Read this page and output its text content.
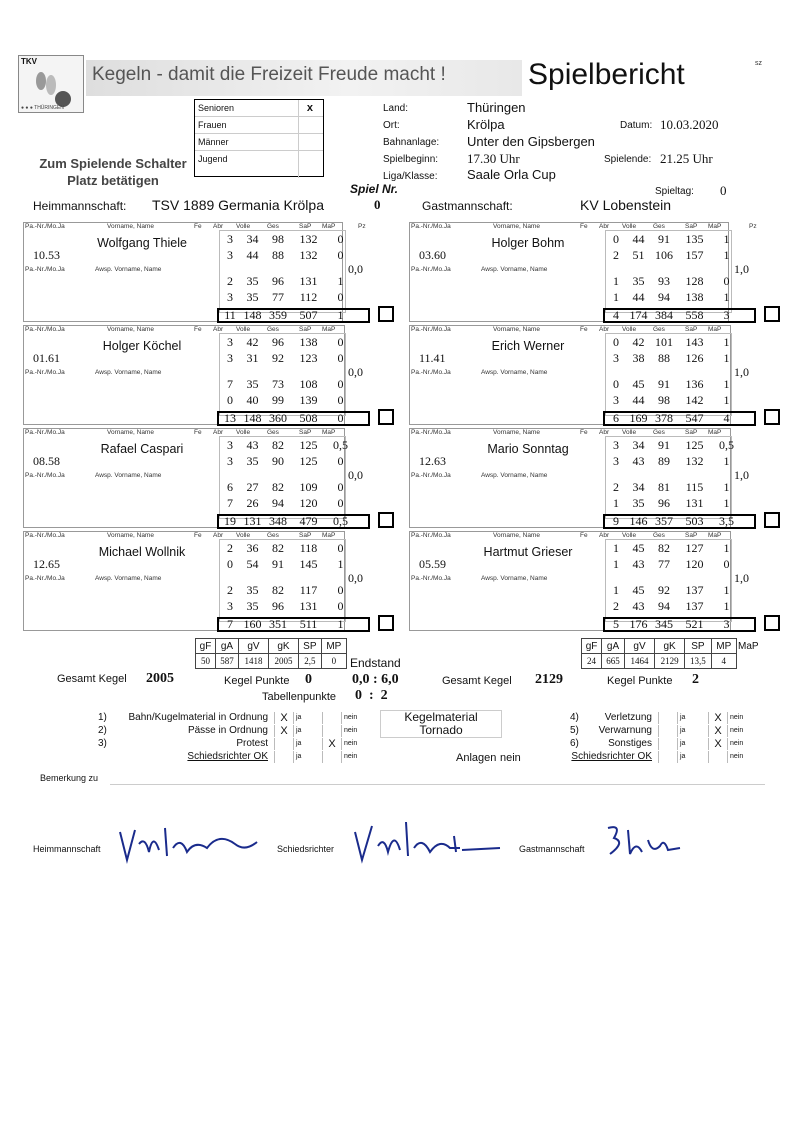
TKV
● ● ● THÜRINGEN
Kegeln - damit die Freizeit Freude macht !	Spielbericht	sz
Senioren	x
Frauen
Männer
Jugend
Zum Spielende Schalter
Platz betätigen
Land:	Thüringen
Ort:	Krölpa	Datum: 10.03.2020
Bahnanlage: Unter den Gipsbergen
Spielbeginn: 17.30 Uhr	Spielende: 21.25 Uhr
Liga/Klasse: Saale Orla Cup
Spieltag: 0
Spiel Nr.
0
Heimmannschaft: TSV 1889 Germania Krölpa	Gastmannschaft:	KV Lobenstein
Pa.-Nr./Mo.Ja	Vorname, Name	Fe Abr Volle	Ges	SaP MaP	Pz
Pa.-Nr./Mo.Ja	Awsp. Vorname, Name
10.53
Wolfgang Thiele	3	34	98	132	0
3	44	88	132	0
2	35	96	131	1
3	35	77	112	0
0,0
11 148 359	507	1
Pa.-Nr./Mo.Ja	Vorname, Name	Fe Abr Volle	Ges	SaP MaP
Pa.-Nr./Mo.Ja	Awsp. Vorname, Name
01.61
Holger Köchel	3	42	96	138	0
3	31	92	123	0
7	35	73	108	0
0	40	99	139	0
0,0
13 148 360	508	0
Pa.-Nr./Mo.Ja	Vorname, Name	Fe Abr Volle	Ges	SaP MaP
Pa.-Nr./Mo.Ja	Awsp. Vorname, Name
08.58
Rafael Caspari	3	43	82	125	0,5
3	35	90	125	0
6	27	82	109	0
7	26	94	120	0
0,0
19 131 348	479	0,5
Pa.-Nr./Mo.Ja	Vorname, Name	Fe Abr Volle	Ges	SaP MaP
Pa.-Nr./Mo.Ja	Awsp. Vorname, Name
12.65
Michael Wollnik	2	36	82	118	0
0	54	91	145	1
2	35	82	117	0
3	35	96	131	0
0,0
7 160 351	511	1
Pa.-Nr./Mo.Ja	Vorname, Name	Fe Abr Volle	Ges	SaP MaP	Pz
Pa.-Nr./Mo.Ja	Awsp. Vorname, Name
03.60
Holger Bohm	0	44	91	135	1
2	51 106	157	1
1	35	93	128	0
1	44	94	138	1
1,0
4 174 384	558	3
Pa.-Nr./Mo.Ja	Vorname, Name	Fe Abr Volle	Ges	SaP MaP
Pa.-Nr./Mo.Ja	Awsp. Vorname, Name
11.41
Erich Werner	0	42 101	143	1
3	38	88	126	1
0	45	91	136	1
3	44	98	142	1
1,0
6 169 378	547	4
Pa.-Nr./Mo.Ja	Vorname, Name	Fe Abr Volle	Ges	SaP MaP
Pa.-Nr./Mo.Ja	Awsp. Vorname, Name
12.63
Mario Sonntag	3	34	91	125	0,5
3	43	89	132	1
2	34	81	115	1
1	35	96	131	1
1,0
9 146 357	503	3,5
Pa.-Nr./Mo.Ja	Vorname, Name	Fe Abr Volle	Ges	SaP MaP
Pa.-Nr./Mo.Ja	Awsp. Vorname, Name
05.59
Hartmut Grieser	1	45	82	127	1
1	43	77	120	0
1	45	92	137	1
2	43	94	137	1
1,0
5 176 345	521	3
gF	gA	gV	gK	SP	MP
50	587	1418	2005	2,5	0 Endstand
gF	gA	gV	gK	SP	MP
24	665	1464	2129	13,5	4
MaP
Gesamt Kegel 2005	Kegel Punkte 0	0,0 : 6,0	Gesamt Kegel 2129	Kegel Punkte 2
Tabellenpunkte 0  :  2
1) Bahn/Kugelmaterial in Ordnung	X	ja	nein
2)	Pässe in Ordnung	X	ja	nein
3)	Protest	ja	X	nein
Schiedsrichter OK	ja	nein
4)	Verletzung	ja	X	nein
5) Verwarnung	ja	X	nein
6)	Sonstiges	ja	X	nein
Schiedsrichter OK	ja	nein
Kegelmaterial
Tornado
Anlagen nein
Bemerkung zu
Heimmannschaft	Schiedsrichter	Gastmannschaft
